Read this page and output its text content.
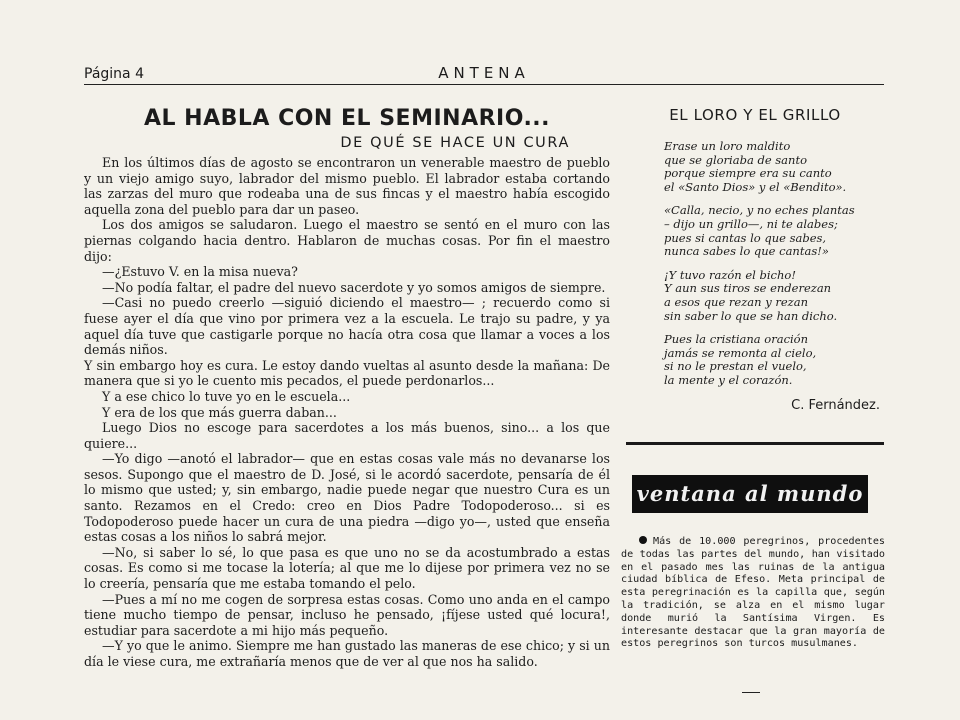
Página 4	ANTENA
AL HABLA CON EL SEMINARIO...
DE QUÉ SE HACE UN CURA

En los últimos días de agosto se encontraron un venerable maestro de pueblo y un viejo amigo suyo, labrador del mismo pueblo. El labrador estaba cortando las zarzas del muro que rodeaba una de sus fincas y el maestro había escogido aquella zona del pueblo para dar un paseo.

Los dos amigos se saludaron. Luego el maestro se sentó en el muro con las piernas colgando hacia dentro. Hablaron de muchas cosas. Por fin el maestro dijo:

—¿Estuvo V. en la misa nueva?

—No podía faltar, el padre del nuevo sacerdote y yo somos amigos de siempre.

—Casi no puedo creerlo —siguió diciendo el maestro— ; recuerdo como si fuese ayer el día que vino por primera vez a la escuela. Le trajo su padre, y ya aquel día tuve que castigarle porque no hacía otra cosa que llamar a voces a los demás niños.

Y sin embargo hoy es cura. Le estoy dando vueltas al asunto desde la mañana: De manera que si yo le cuento mis pecados, el puede perdonarlos...

Y a ese chico lo tuve yo en le escuela...

Y era de los que más guerra daban...

Luego Dios no escoge para sacerdotes a los más buenos, sino... a los que quiere...

—Yo digo —anotó el labrador— que en estas cosas vale más no devanarse los sesos. Supongo que el maestro de D. José, si le acordó sacerdote, pensaría de él lo mismo que usted; y, sin embargo, nadie puede negar que nuestro Cura es un santo. Rezamos en el Credo: creo en Dios Padre Todopoderoso... si es Todopoderoso puede hacer un cura de una piedra —digo yo—, usted que enseña estas cosas a los niños lo sabrá mejor.

—No, si saber lo sé, lo que pasa es que uno no se da acostumbrado a estas cosas. Es como si me tocase la lotería; al que me lo dijese por primera vez no se lo creería, pensaría que me estaba tomando el pelo.

—Pues a mí no me cogen de sorpresa estas cosas. Como uno anda en el campo tiene mucho tiempo de pensar, incluso he pensado, ¡fíjese usted qué locura!, estudiar para sacerdote a mi hijo más pequeño.

—Y yo que le animo. Siempre me han gustado las maneras de ese chico; y si un día le viese cura, me extrañaría menos que de ver al que nos ha salido.

EL LORO Y EL GRILLO
Erase un loro maldito
que se gloriaba de santo
porque siempre era su canto
el «Santo Dios» y el «Bendito».
«Calla, necio, y no eches plantas
– dijo un grillo—, ni te alabes;
pues si cantas lo que sabes,
nunca sabes lo que cantas!»
¡Y tuvo razón el bicho!
Y aun sus tiros se enderezan
a esos que rezan y rezan
sin saber lo que se han dicho.
Pues la cristiana oración
jamás se remonta al cielo,
si no le prestan el vuelo,
la mente y el corazón.
C. Fernández.
ventana al mundo

Más de 10.000 peregrinos, procedentes de todas las partes del mundo, han visitado en el pasado mes las ruinas de la antigua ciudad bíblica de Efeso. Meta principal de esta peregrinación es la capilla que, según la tradición, se alza en el mismo lugar donde murió la Santísima Virgen. Es interesante destacar que la gran mayoría de estos peregrinos son turcos musulmanes.
